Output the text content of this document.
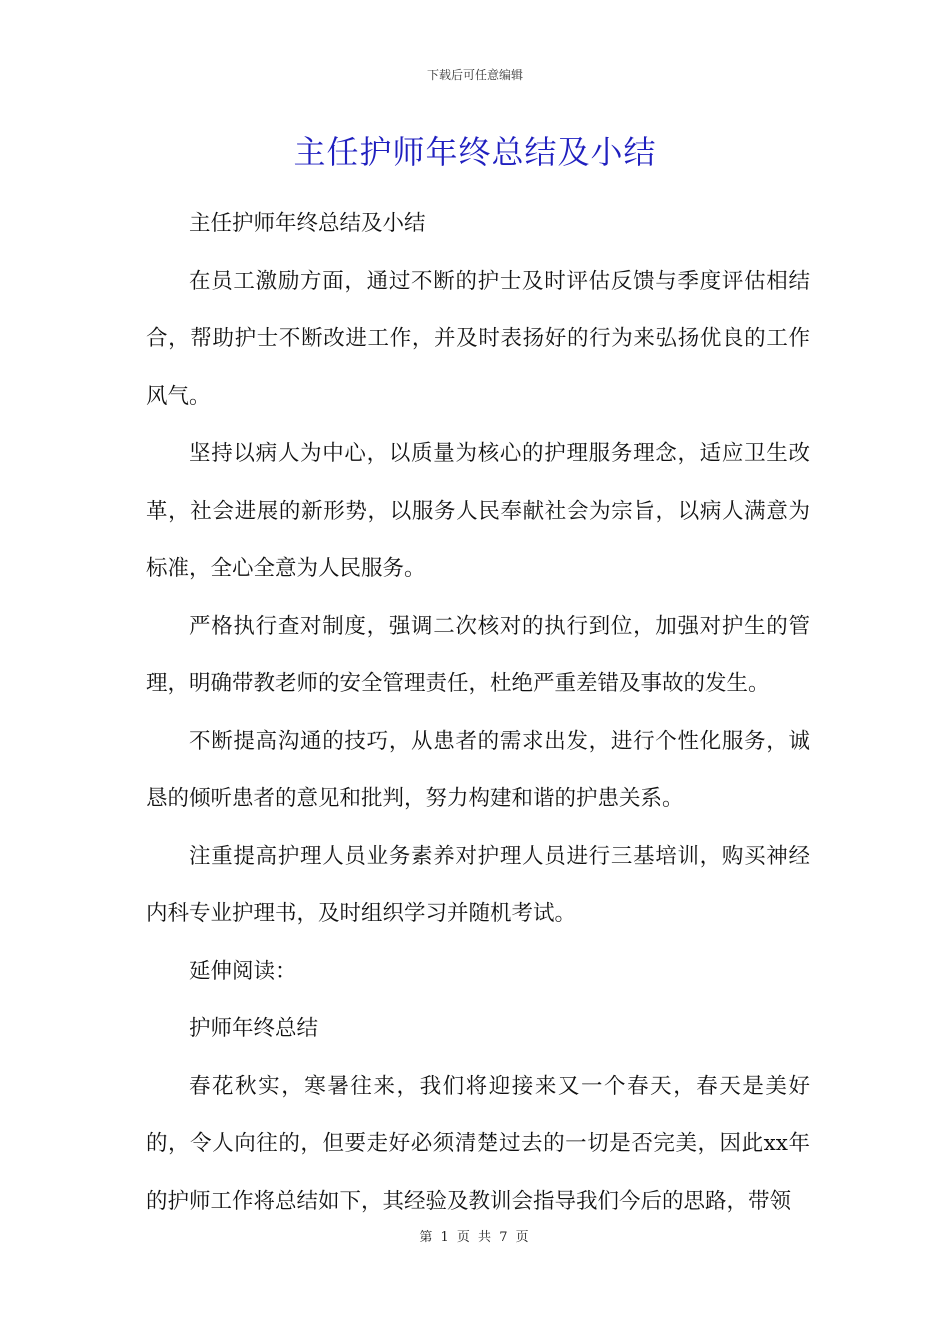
下载后可任意编辑
主任护师年终总结及小结

主任护师年终总结及小结

在员工激励方面，通过不断的护士及时评估反馈与季度评估相结合，帮助护士不断改进工作，并及时表扬好的行为来弘扬优良的工作风气。

坚持以病人为中心，以质量为核心的护理服务理念，适应卫生改革，社会进展的新形势，以服务人民奉献社会为宗旨，以病人满意为标准，全心全意为人民服务。

严格执行查对制度，强调二次核对的执行到位，加强对护生的管理，明确带教老师的安全管理责任，杜绝严重差错及事故的发生。

不断提高沟通的技巧，从患者的需求出发，进行个性化服务，诚恳的倾听患者的意见和批判，努力构建和谐的护患关系。

注重提高护理人员业务素养对护理人员进行三基培训，购买神经内科专业护理书，及时组织学习并随机考试。

延伸阅读：

护师年终总结

春花秋实，寒暑往来，我们将迎接来又一个春天，春天是美好的，令人向往的，但要走好必须清楚过去的一切是否完美，因此xx年的护师工作将总结如下，其经验及教训会指导我们今后的思路，带领

第 1 页 共 7 页
